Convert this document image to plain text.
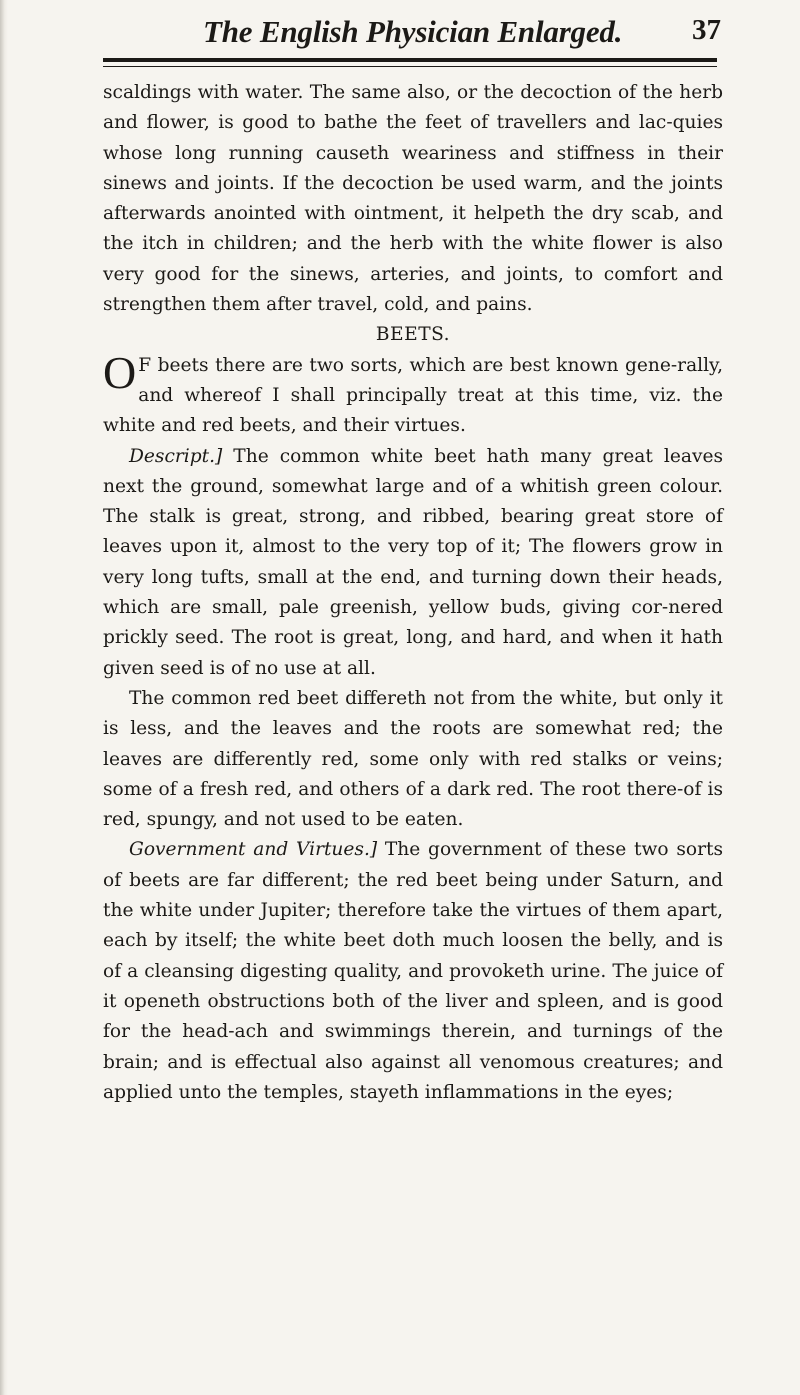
The English Physician Enlarged. 37

scaldings with water. The same also, or the decoction of the herb and flower, is good to bathe the feet of travellers and lac-quies whose long running causeth weariness and stiffness in their sinews and joints. If the decoction be used warm, and the joints afterwards anointed with ointment, it helpeth the dry scab, and the itch in children; and the herb with the white flower is also very good for the sinews, arteries, and joints, to comfort and strengthen them after travel, cold, and pains.

BEETS.

O F beets there are two sorts, which are best known gene-rally, and whereof I shall principally treat at this time, viz. the white and red beets, and their virtues.

Descript.] The common white beet hath many great leaves next the ground, somewhat large and of a whitish green colour. The stalk is great, strong, and ribbed, bearing great store of leaves upon it, almost to the very top of it; The flowers grow in very long tufts, small at the end, and turning down their heads, which are small, pale greenish, yellow buds, giving cor-nered prickly seed. The root is great, long, and hard, and when it hath given seed is of no use at all.

The common red beet differeth not from the white, but only it is less, and the leaves and the roots are somewhat red; the leaves are differently red, some only with red stalks or veins; some of a fresh red, and others of a dark red. The root there-of is red, spungy, and not used to be eaten.

Government and Virtues.] The government of these two sorts of beets are far different; the red beet being under Saturn, and the white under Jupiter; therefore take the virtues of them apart, each by itself; the white beet doth much loosen the belly, and is of a cleansing digesting quality, and provoketh urine. The juice of it openeth obstructions both of the liver and spleen, and is good for the head-ach and swimmings therein, and turnings of the brain; and is effectual also against all venomous creatures; and applied unto the temples, stayeth inflammations in the eyes;
